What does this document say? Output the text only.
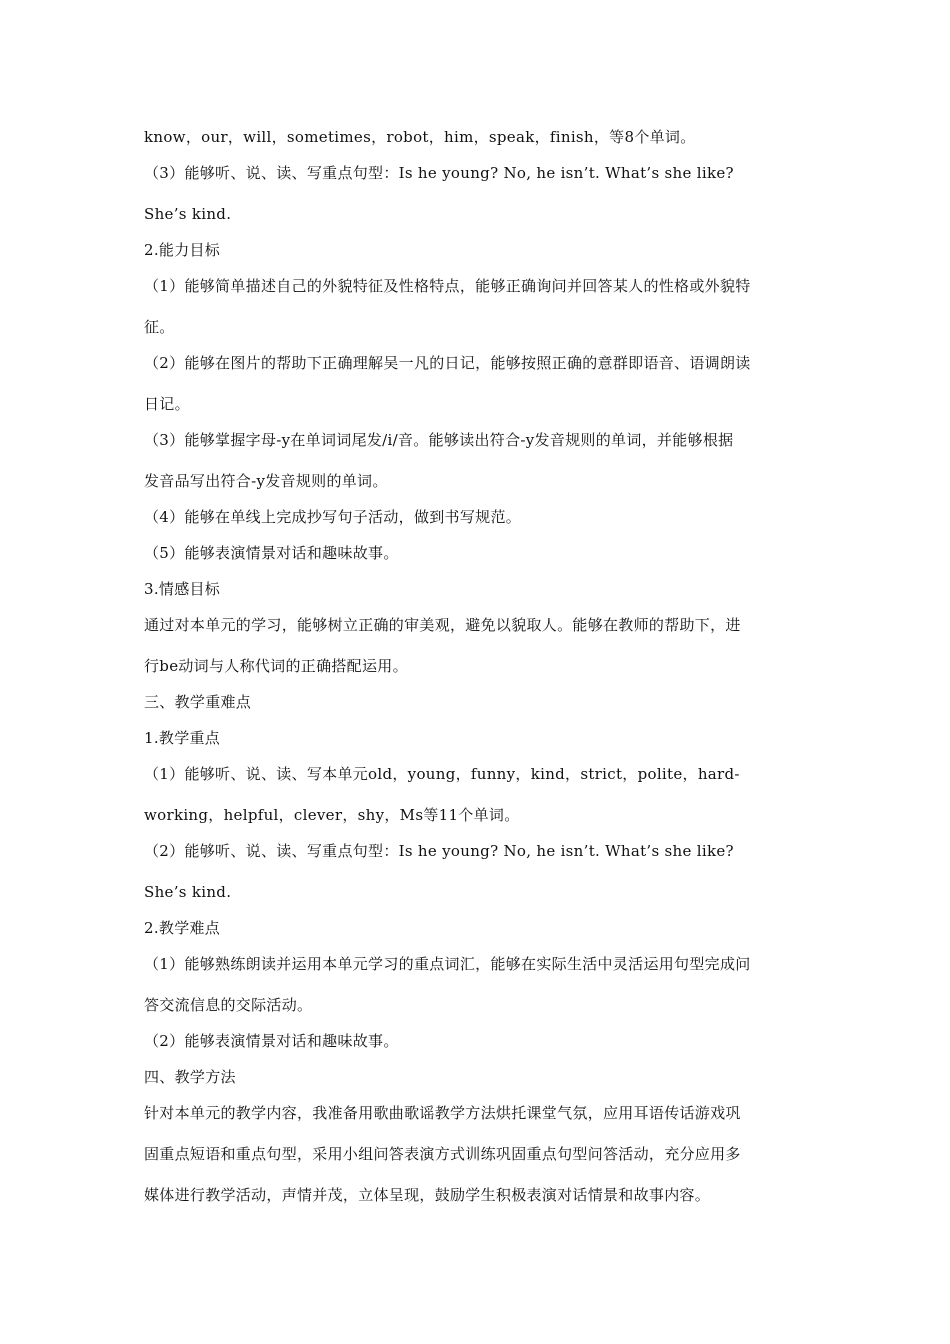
know，our，will，sometimes，robot，him，speak，finish，等8个单词。
（3）能够听、说、读、写重点句型：Is he young? No, he isn’t. What’s she like?
She’s kind.
2.能力目标
（1）能够简单描述自己的外貌特征及性格特点，能够正确询问并回答某人的性格或外貌特
征。
（2）能够在图片的帮助下正确理解吴一凡的日记，能够按照正确的意群即语音、语调朗读
日记。
（3）能够掌握字母-y在单词词尾发/i/音。能够读出符合-y发音规则的单词，并能够根据
发音品写出符合-y发音规则的单词。
（4）能够在单线上完成抄写句子活动，做到书写规范。
（5）能够表演情景对话和趣味故事。
3.情感目标
通过对本单元的学习，能够树立正确的审美观，避免以貌取人。能够在教师的帮助下，进
行be动词与人称代词的正确搭配运用。
三、教学重难点
1.教学重点
（1）能够听、说、读、写本单元old，young，funny，kind，strict，polite，hard-
working，helpful，clever，shy，Ms等11个单词。
（2）能够听、说、读、写重点句型：Is he young? No, he isn’t. What’s she like?
She’s kind.
2.教学难点
（1）能够熟练朗读并运用本单元学习的重点词汇，能够在实际生活中灵活运用句型完成问
答交流信息的交际活动。
（2）能够表演情景对话和趣味故事。
四、教学方法
针对本单元的教学内容，我准备用歌曲歌谣教学方法烘托课堂气氛，应用耳语传话游戏巩
固重点短语和重点句型，采用小组问答表演方式训练巩固重点句型问答活动，充分应用多
媒体进行教学活动，声情并茂，立体呈现，鼓励学生积极表演对话情景和故事内容。
